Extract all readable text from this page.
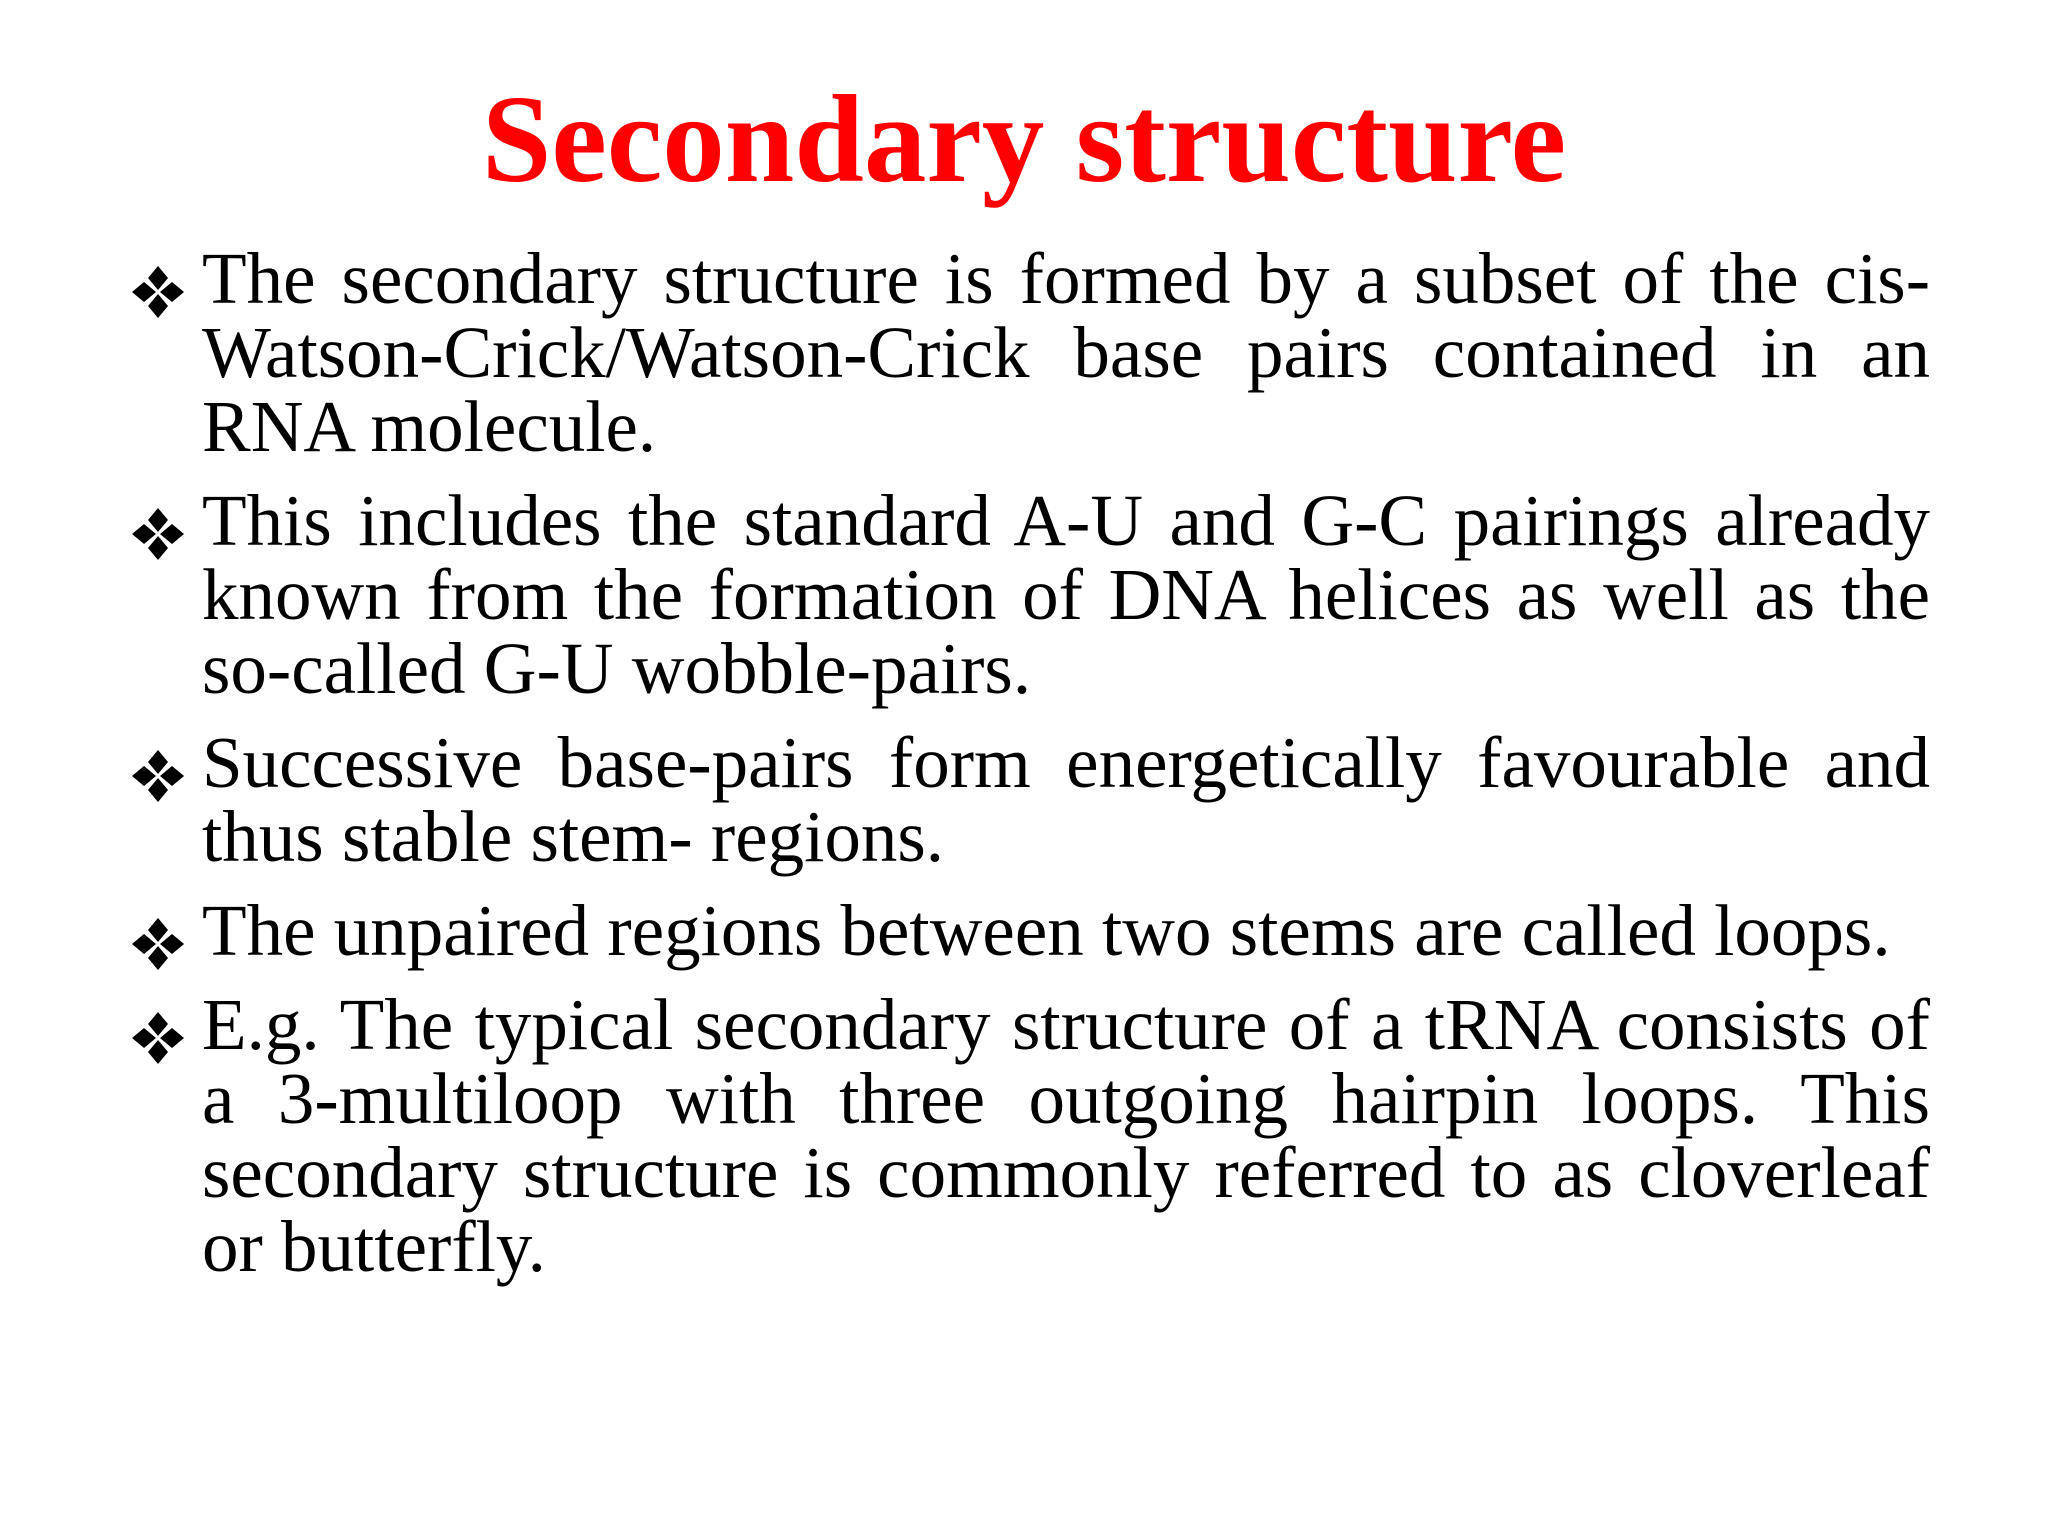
Secondary structure
The secondary structure is formed by a subset of the cis-Watson-Crick/Watson-Crick base pairs contained in an RNA molecule.
This includes the standard A-U and G-C pairings already known from the formation of DNA helices as well as the so-called G-U wobble-pairs.
Successive base-pairs form energetically favourable and thus stable stem- regions.
The unpaired regions between two stems are called loops.
E.g. The typical secondary structure of a tRNA consists of a 3-multiloop with three outgoing hairpin loops. This secondary structure is commonly referred to as cloverleaf or butterfly.
